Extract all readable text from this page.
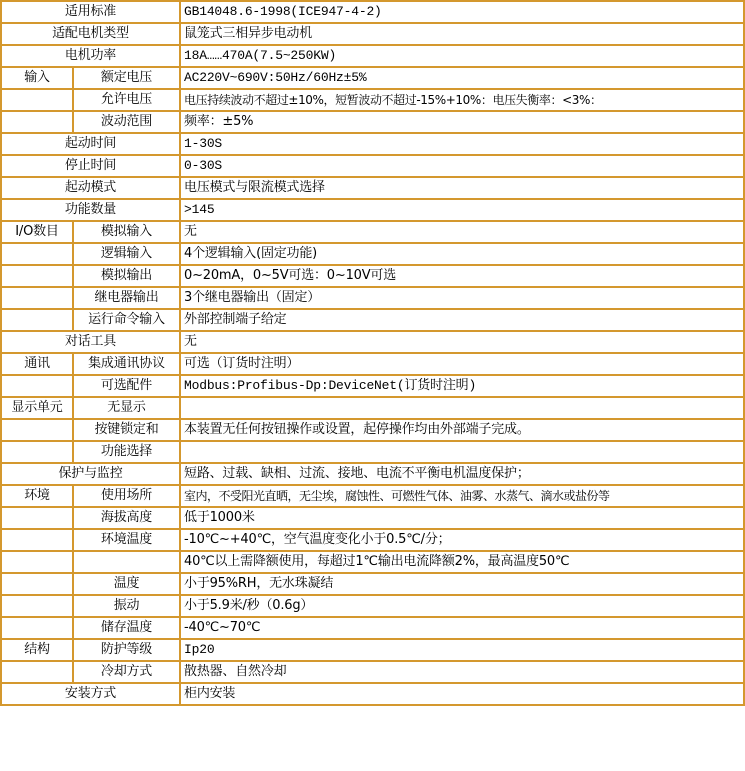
适用标准		GB14048.6-1998(ICE947-4-2)
适配电机类型		鼠笼式三相异步电动机
电机功率		18A……470A(7.5~250KW)
输入	额定电压	AC220V~690V:50Hz/60Hz±5%
	允许电压	电压持续波动不超过±10%，短暂波动不超过-15%+10%：电压失衡率：<3%：
	波动范围	频率：±5%
起动时间		1-30S
停止时间		0-30S
起动模式		电压模式与限流模式选择
功能数量		>145
I/O数目	模拟输入	无
	逻辑输入	4个逻辑输入(固定功能)
	模拟输出	0~20mA，0~5V可选：0~10V可选
	继电器输出	3个继电器输出（固定）
	运行命令输入	外部控制端子给定
对话工具		无
通讯	集成通讯协议	可选（订货时注明）
	可选配件	Modbus:Profibus-Dp:DeviceNet(订货时注明)
显示单元	无显示	
	按键锁定和	本装置无任何按钮操作或设置，起停操作均由外部端子完成。
	功能选择	
保护与监控		短路、过载、缺相、过流、接地、电流不平衡电机温度保护；
环境	使用场所	室内，不受阳光直晒，无尘埃，腐蚀性、可燃性气体、油雾、水蒸气、滴水或盐份等
	海拔高度	低于1000米
	环境温度	-10℃~+40℃，空气温度变化小于0.5℃/分；
		40℃以上需降额使用，每超过1℃输出电流降额2%，最高温度50℃
	温度	小于95%RH，无水珠凝结
	振动	小于5.9米/秒（0.6g）
	储存温度	-40℃~70℃
结构	防护等级	Ip20
	冷却方式	散热器、自然冷却
安装方式		柜内安装
